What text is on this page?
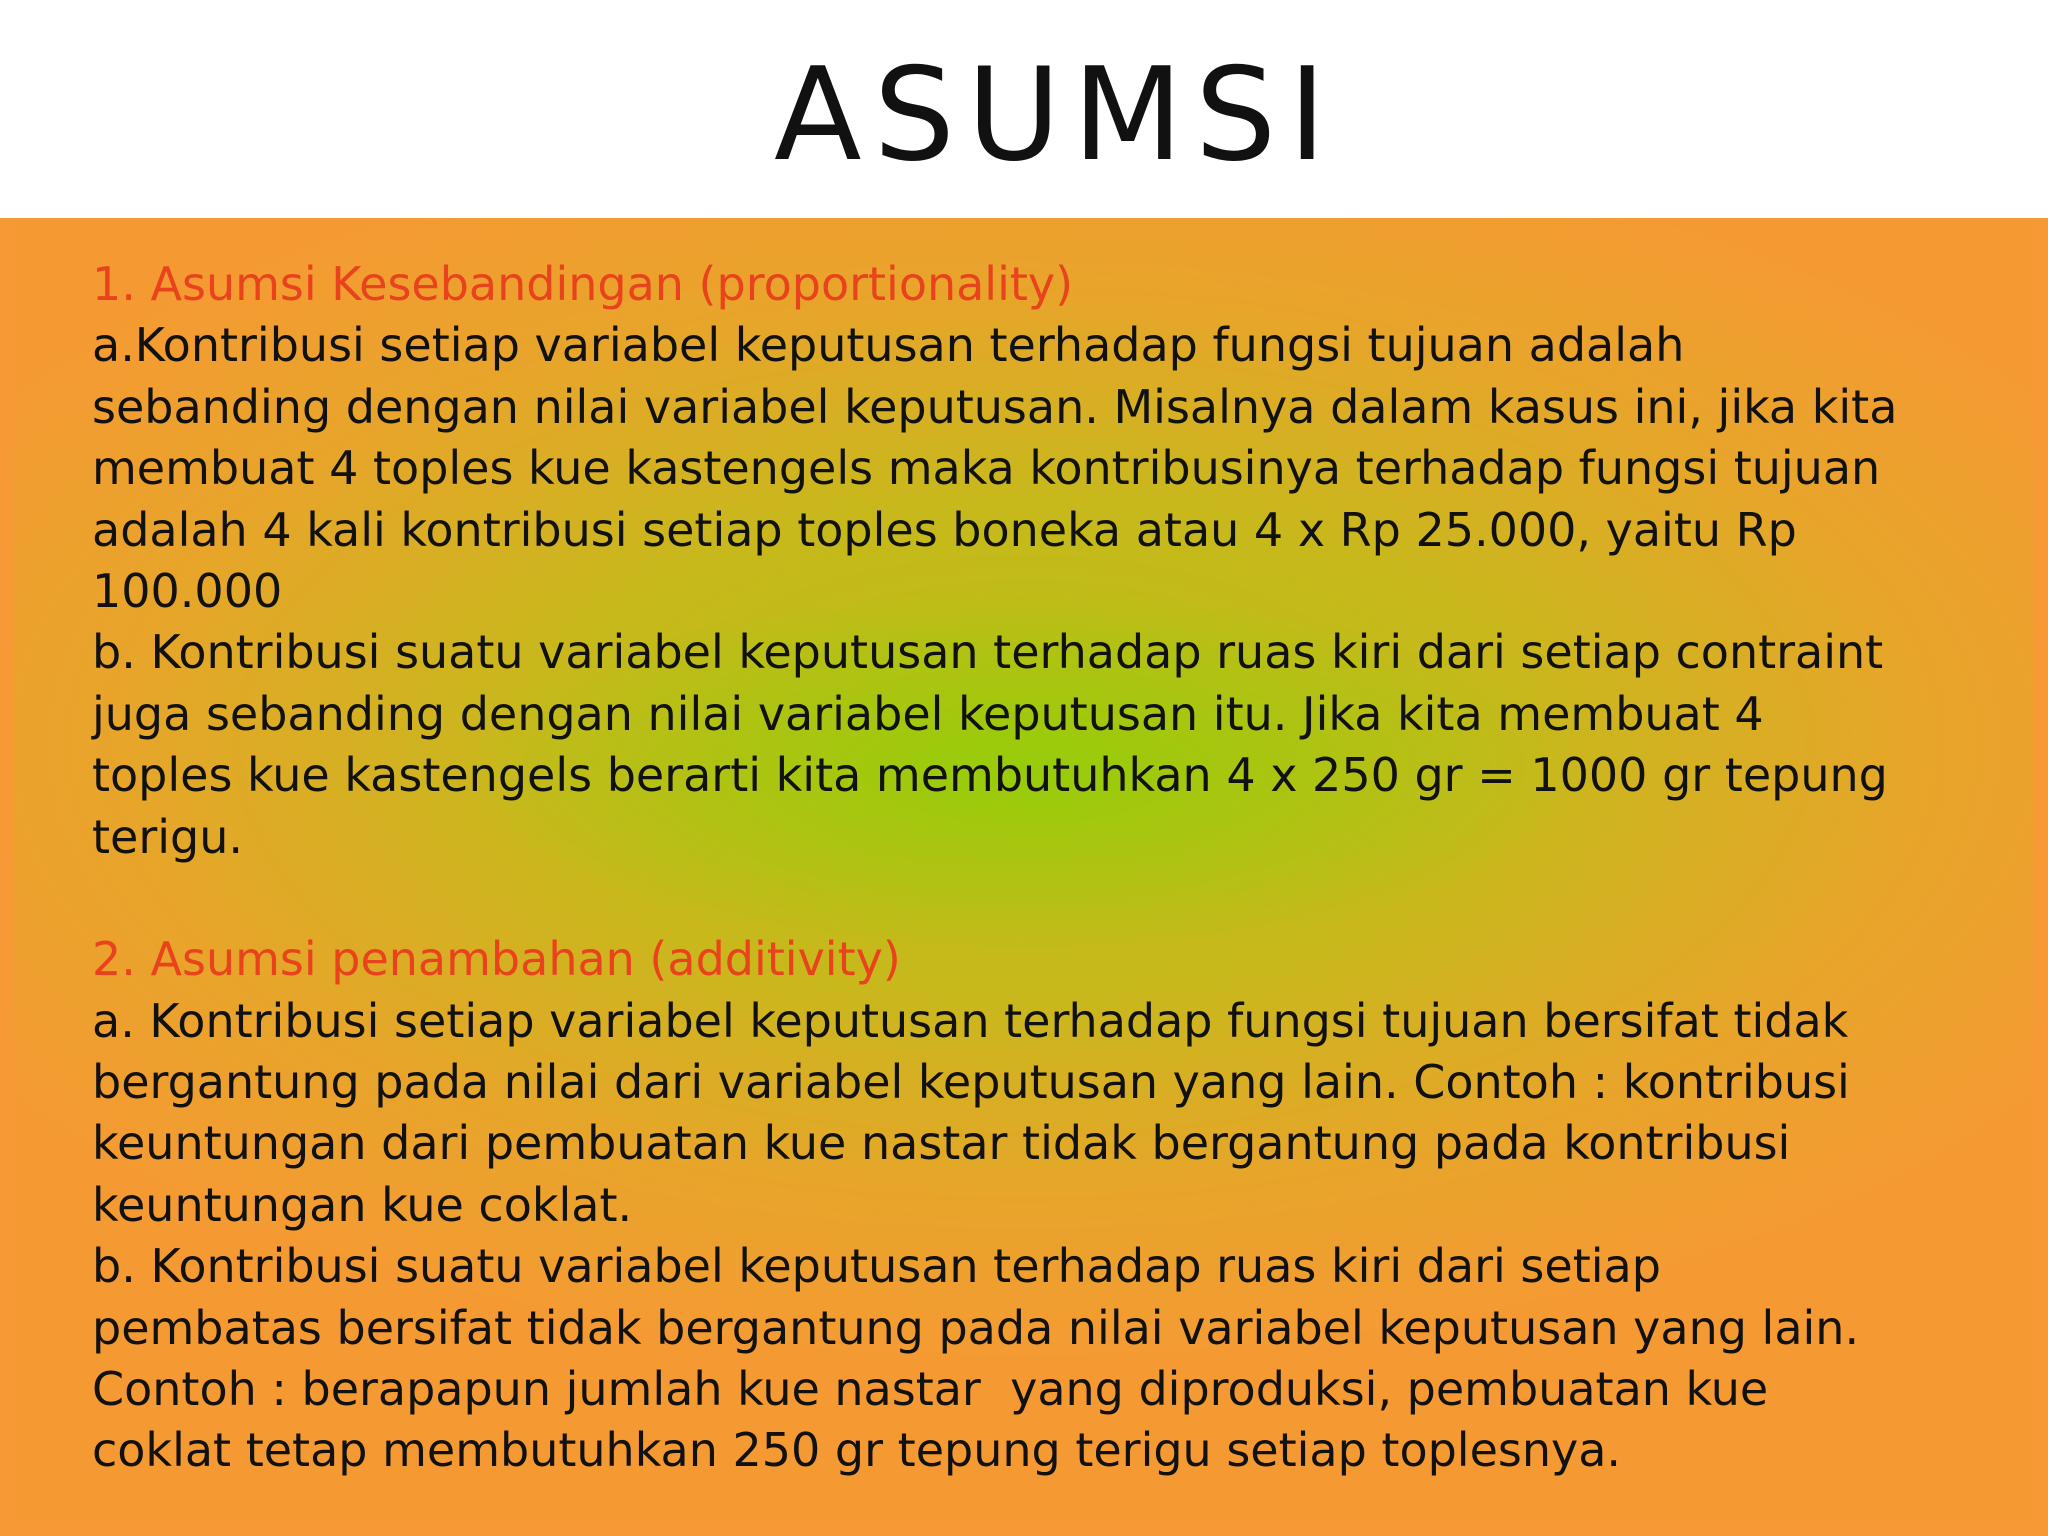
ASUMSI

1. Asumsi Kesebandingan (proportionality)

a.Kontribusi setiap variabel keputusan terhadap fungsi tujuan adalah

sebanding dengan nilai variabel keputusan. Misalnya dalam kasus ini, jika kita

membuat 4 toples kue kastengels maka kontribusinya terhadap fungsi tujuan

adalah 4 kali kontribusi setiap toples boneka atau 4 x Rp 25.000, yaitu Rp

100.000

b. Kontribusi suatu variabel keputusan terhadap ruas kiri dari setiap contraint

juga sebanding dengan nilai variabel keputusan itu. Jika kita membuat 4

toples kue kastengels berarti kita membutuhkan 4 x 250 gr = 1000 gr tepung

terigu.

2. Asumsi penambahan (additivity)

a. Kontribusi setiap variabel keputusan terhadap fungsi tujuan bersifat tidak

bergantung pada nilai dari variabel keputusan yang lain. Contoh : kontribusi

keuntungan dari pembuatan kue nastar tidak bergantung pada kontribusi

keuntungan kue coklat.

b. Kontribusi suatu variabel keputusan terhadap ruas kiri dari setiap

pembatas bersifat tidak bergantung pada nilai variabel keputusan yang lain.

Contoh : berapapun jumlah kue nastar  yang diproduksi, pembuatan kue

coklat tetap membutuhkan 250 gr tepung terigu setiap toplesnya.
